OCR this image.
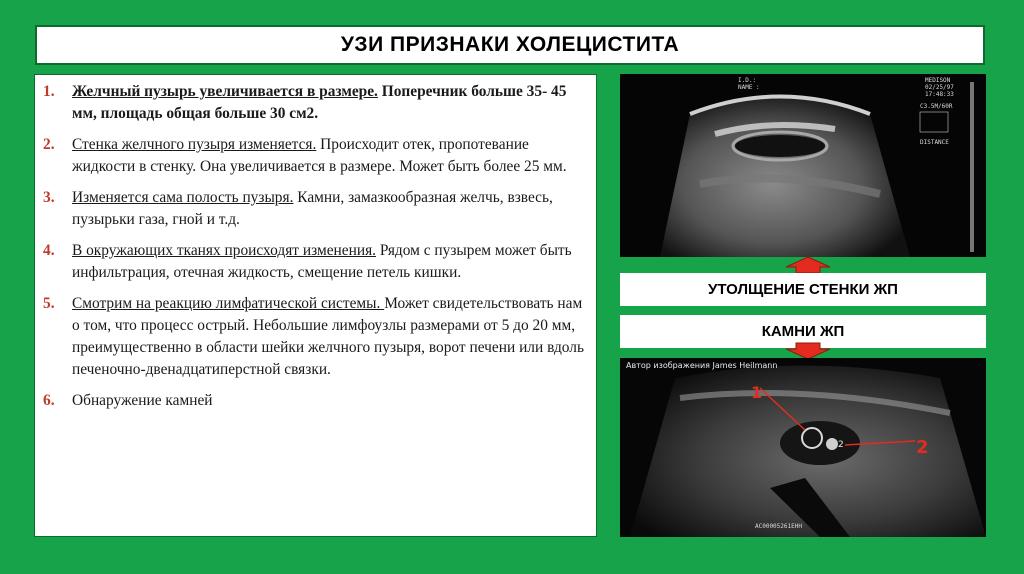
УЗИ ПРИЗНАКИ ХОЛЕЦИСТИТА
1.	Желчный пузырь увеличивается в размере. Поперечник больше 35- 45 мм, площадь общая больше 30 см2.
2.	Стенка желчного пузыря изменяется. Происходит отек, пропотевание жидкости в стенку. Она увеличивается в размере. Может быть более 25 мм.
3.	Изменяется сама полость пузыря. Камни, замазкообразная желчь, взвесь, пузырьки газа, гной и т.д.
4.	В окружающих тканях происходят изменения. Рядом с пузырем может быть инфильтрация, отечная жидкость, смещение петель кишки.
5.	Смотрим на реакцию лимфатической системы. Может свидетельствовать нам о том, что процесс острый. Небольшие лимфоузлы размерами от 5 до 20 мм, преимущественно в области шейки желчного пузыря, ворот печени или вдоль печеночно-двенадцатиперстной связки.
6.	Обнаружение камней
I.D.:
NAME :
MEDISON
02/25/97
17:48:33
C3.5M/60R
DISTANCE
УТОЛЩЕНИЕ СТЕНКИ ЖП
КАМНИ ЖП
Автор изображения James Heilmann
1
2
2
AC00005261EHH
